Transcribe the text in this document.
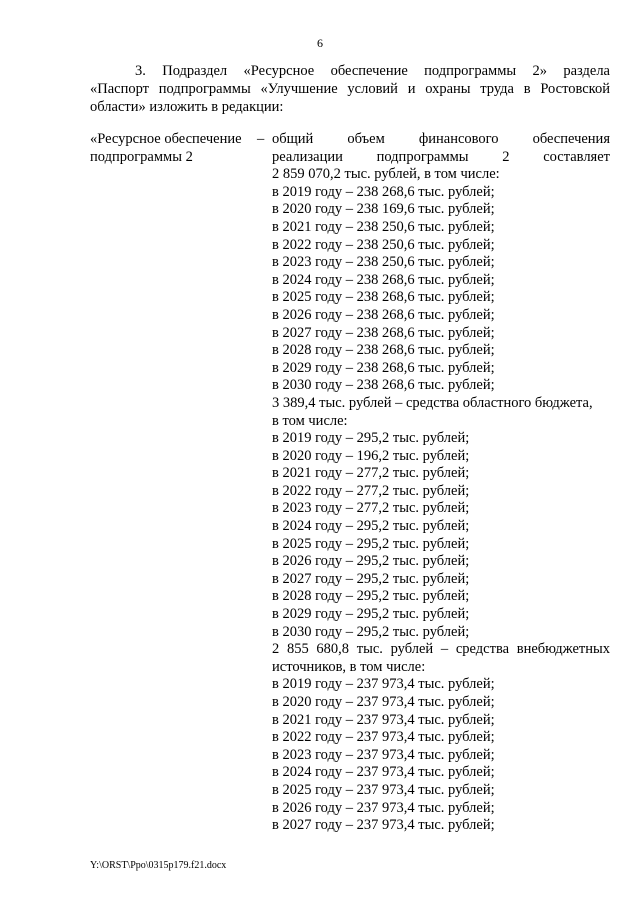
6
3. Подраздел «Ресурсное обеспечение подпрограммы 2» раздела
«Паспорт подпрограммы «Улучшение условий и охраны труда в Ростовской
области» изложить в редакции:
«Ресурсное обеспечение
подпрограммы 2
– общий объем финансового обеспечения
реализации подпрограммы 2 составляет
2 859 070,2 тыс. рублей, в том числе:
в 2019 году – 238 268,6 тыс. рублей;
в 2020 году – 238 169,6 тыс. рублей;
в 2021 году – 238 250,6 тыс. рублей;
в 2022 году – 238 250,6 тыс. рублей;
в 2023 году – 238 250,6 тыс. рублей;
в 2024 году – 238 268,6 тыс. рублей;
в 2025 году – 238 268,6 тыс. рублей;
в 2026 году – 238 268,6 тыс. рублей;
в 2027 году – 238 268,6 тыс. рублей;
в 2028 году – 238 268,6 тыс. рублей;
в 2029 году – 238 268,6 тыс. рублей;
в 2030 году – 238 268,6 тыс. рублей;
3 389,4 тыс. рублей – средства областного бюджета,
в том числе:
в 2019 году – 295,2 тыс. рублей;
в 2020 году – 196,2 тыс. рублей;
в 2021 году – 277,2 тыс. рублей;
в 2022 году – 277,2 тыс. рублей;
в 2023 году – 277,2 тыс. рублей;
в 2024 году – 295,2 тыс. рублей;
в 2025 году – 295,2 тыс. рублей;
в 2026 году – 295,2 тыс. рублей;
в 2027 году – 295,2 тыс. рублей;
в 2028 году – 295,2 тыс. рублей;
в 2029 году – 295,2 тыс. рублей;
в 2030 году – 295,2 тыс. рублей;
2 855 680,8 тыс. рублей – средства внебюджетных
источников, в том числе:
в 2019 году – 237 973,4 тыс. рублей;
в 2020 году – 237 973,4 тыс. рублей;
в 2021 году – 237 973,4 тыс. рублей;
в 2022 году – 237 973,4 тыс. рублей;
в 2023 году – 237 973,4 тыс. рублей;
в 2024 году – 237 973,4 тыс. рублей;
в 2025 году – 237 973,4 тыс. рублей;
в 2026 году – 237 973,4 тыс. рублей;
в 2027 году – 237 973,4 тыс. рублей;
Y:\ORST\Ppo\0315p179.f21.docx
